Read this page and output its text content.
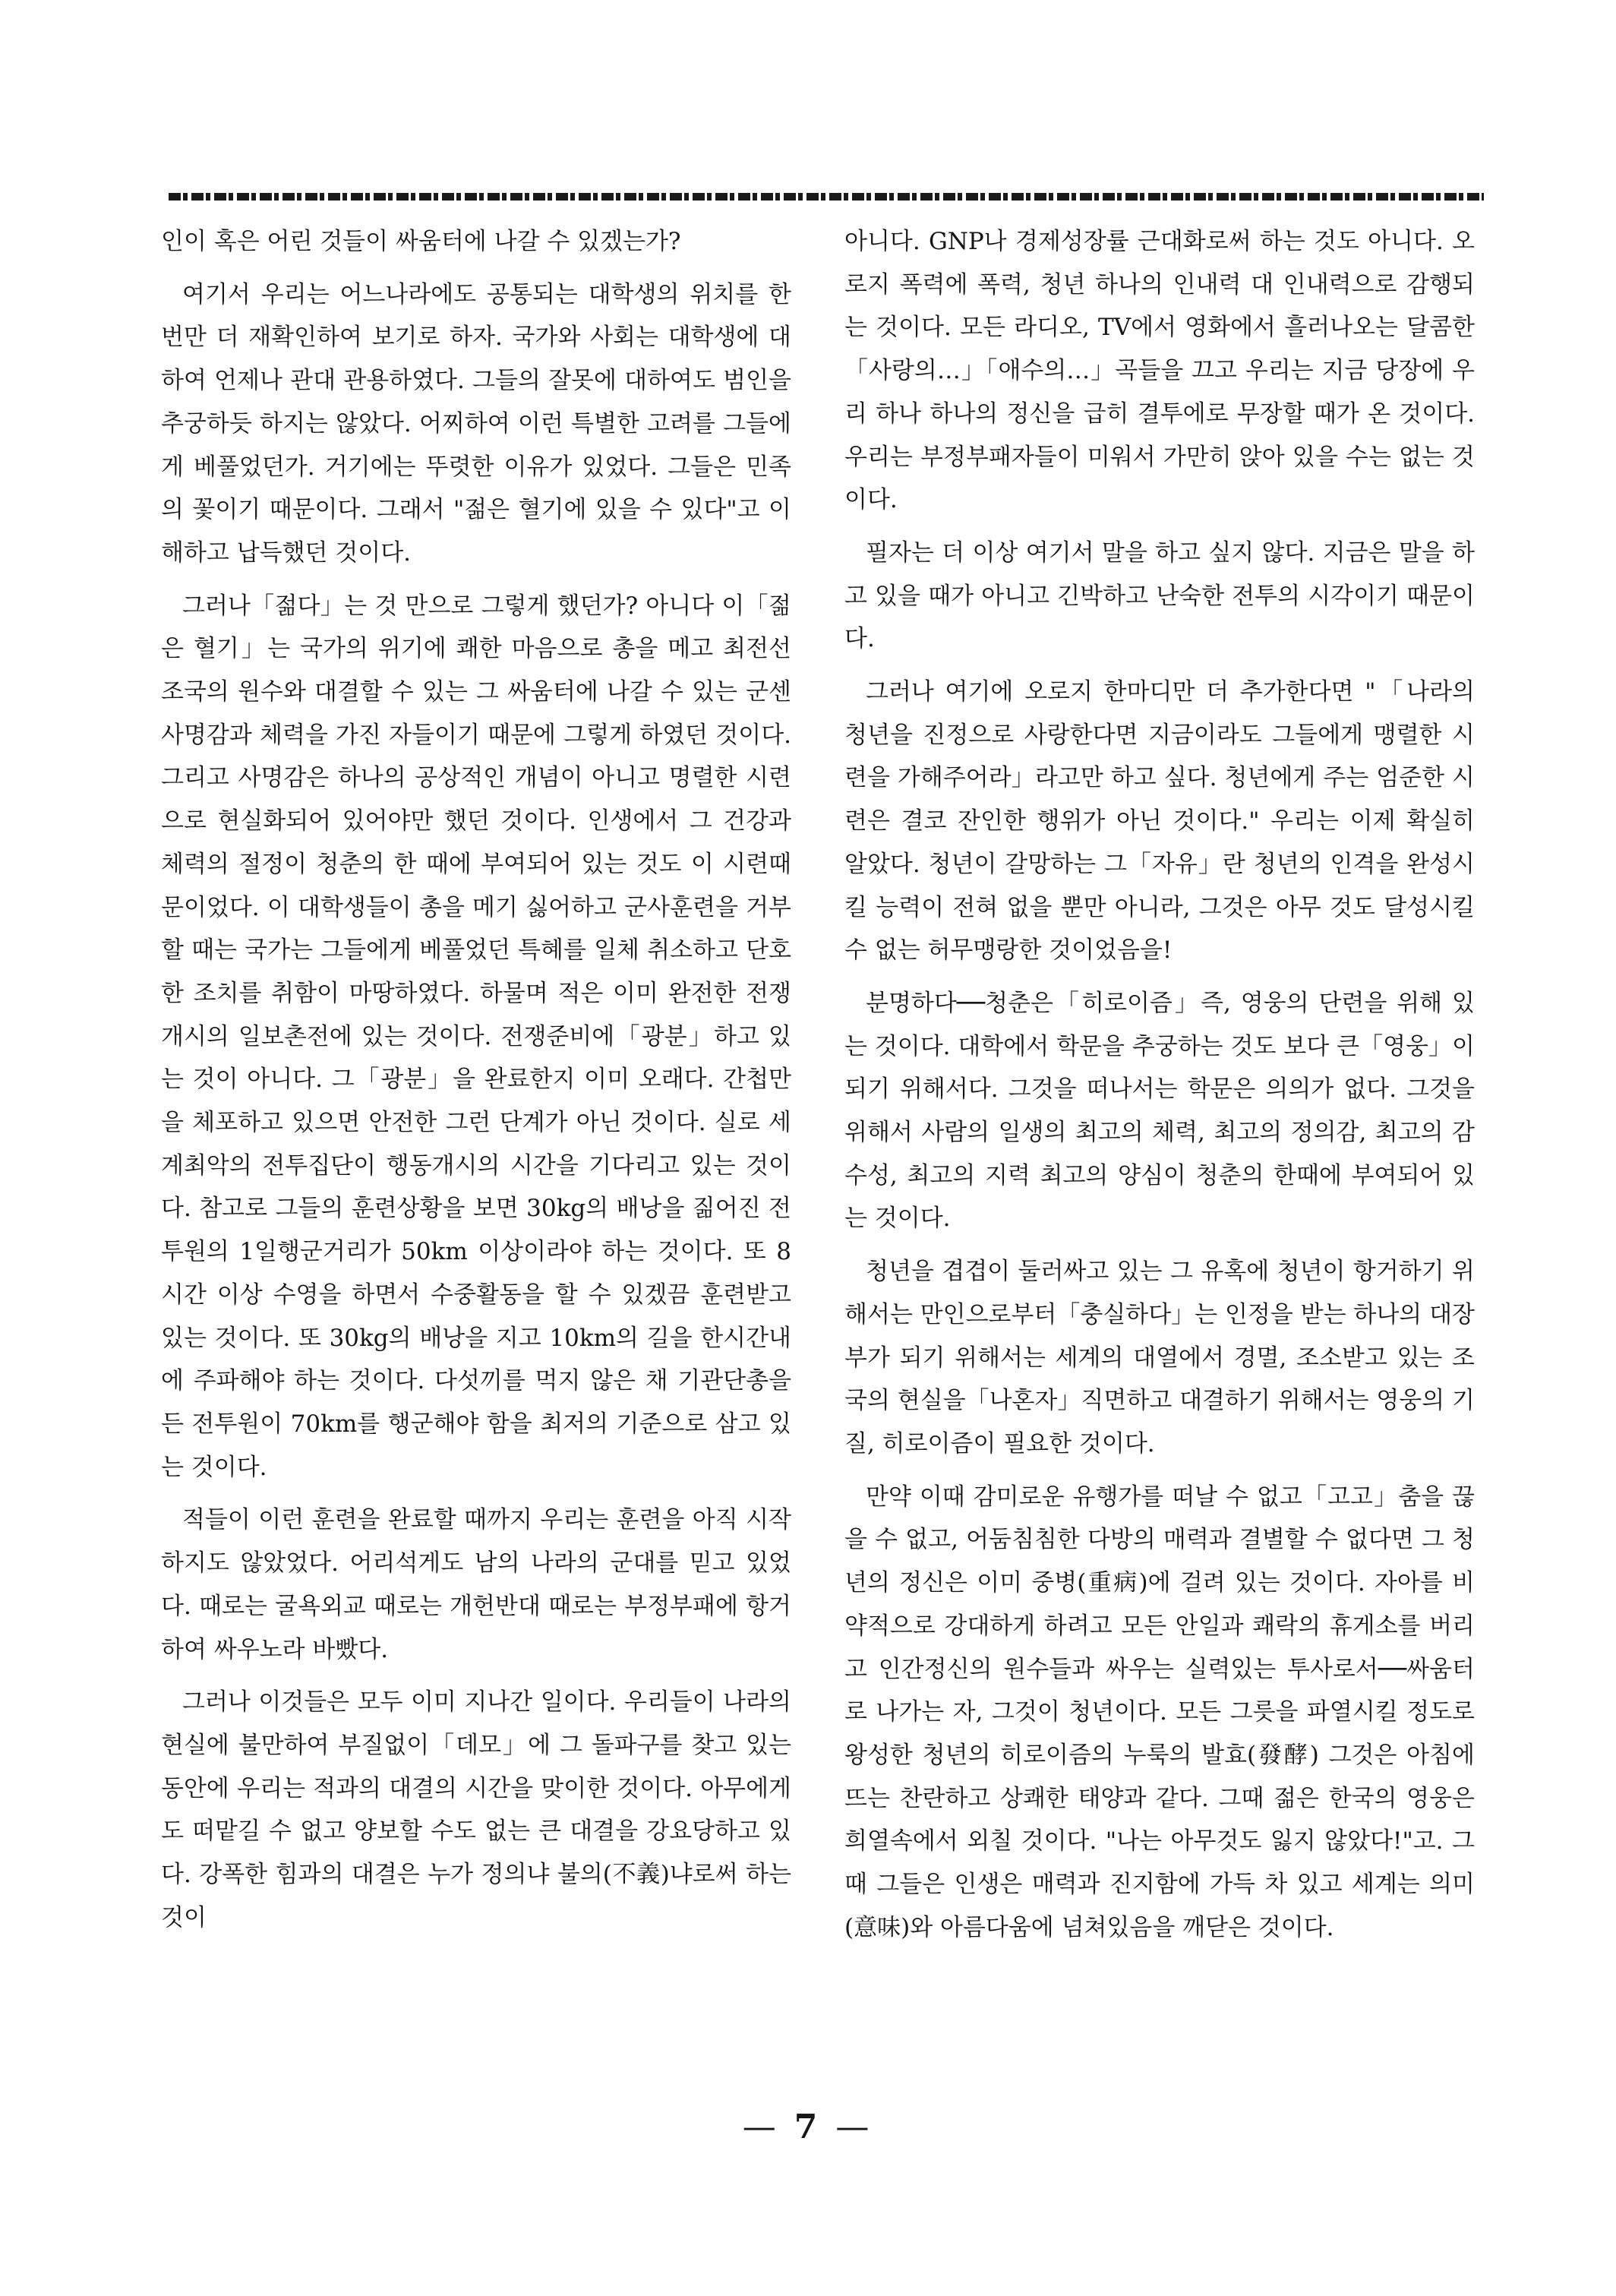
인이 혹은 어린 것들이 싸움터에 나갈 수 있겠는가?

여기서 우리는 어느나라에도 공통되는 대학생의 위치를 한번만 더 재확인하여 보기로 하자. 국가와 사회는 대학생에 대하여 언제나 관대 관용하였다. 그들의 잘못에 대하여도 범인을 추궁하듯 하지는 않았다. 어찌하여 이런 특별한 고려를 그들에게 베풀었던가. 거기에는 뚜렷한 이유가 있었다. 그들은 민족의 꽃이기 때문이다. 그래서 "젊은 혈기에 있을 수 있다"고 이해하고 납득했던 것이다.

그러나「젊다」는 것 만으로 그렇게 했던가? 아니다 이「젊은 혈기」는 국가의 위기에 쾌한 마음으로 총을 메고 최전선 조국의 원수와 대결할 수 있는 그 싸움터에 나갈 수 있는 군센 사명감과 체력을 가진 자들이기 때문에 그렇게 하였던 것이다. 그리고 사명감은 하나의 공상적인 개념이 아니고 명렬한 시련으로 현실화되어 있어야만 했던 것이다. 인생에서 그 건강과 체력의 절정이 청춘의 한 때에 부여되어 있는 것도 이 시련때문이었다. 이 대학생들이 총을 메기 싫어하고 군사훈련을 거부할 때는 국가는 그들에게 베풀었던 특혜를 일체 취소하고 단호한 조치를 취함이 마땅하였다. 하물며 적은 이미 완전한 전쟁개시의 일보촌전에 있는 것이다. 전쟁준비에「광분」하고 있는 것이 아니다. 그「광분」을 완료한지 이미 오래다. 간첩만을 체포하고 있으면 안전한 그런 단계가 아닌 것이다. 실로 세계최악의 전투집단이 행동개시의 시간을 기다리고 있는 것이다. 참고로 그들의 훈련상황을 보면 30kg의 배낭을 짊어진 전투원의 1일행군거리가 50km 이상이라야 하는 것이다. 또 8시간 이상 수영을 하면서 수중활동을 할 수 있겠끔 훈련받고 있는 것이다. 또 30kg의 배낭을 지고 10km의 길을 한시간내에 주파해야 하는 것이다. 다섯끼를 먹지 않은 채 기관단총을 든 전투원이 70km를 행군해야 함을 최저의 기준으로 삼고 있는 것이다.

적들이 이런 훈련을 완료할 때까지 우리는 훈련을 아직 시작하지도 않았었다. 어리석게도 남의 나라의 군대를 믿고 있었다. 때로는 굴욕외교 때로는 개헌반대 때로는 부정부패에 항거하여 싸우노라 바빴다.

그러나 이것들은 모두 이미 지나간 일이다. 우리들이 나라의 현실에 불만하여 부질없이「데모」에 그 돌파구를 찾고 있는 동안에 우리는 적과의 대결의 시간을 맞이한 것이다. 아무에게도 떠맡길 수 없고 양보할 수도 없는 큰 대결을 강요당하고 있다. 강폭한 힘과의 대결은 누가 정의냐 불의(不義)냐로써 하는 것이

아니다. GNP나 경제성장률 근대화로써 하는 것도 아니다. 오로지 폭력에 폭력, 청년 하나의 인내력 대 인내력으로 감행되는 것이다. 모든 라디오, TV에서 영화에서 흘러나오는 달콤한「사랑의…」「애수의…」곡들을 끄고 우리는 지금 당장에 우리 하나 하나의 정신을 급히 결투에로 무장할 때가 온 것이다. 우리는 부정부패자들이 미워서 가만히 앉아 있을 수는 없는 것이다.

필자는 더 이상 여기서 말을 하고 싶지 않다. 지금은 말을 하고 있을 때가 아니고 긴박하고 난숙한 전투의 시각이기 때문이다.

그러나 여기에 오로지 한마디만 더 추가한다면 "「나라의 청년을 진정으로 사랑한다면 지금이라도 그들에게 맹렬한 시련을 가해주어라」라고만 하고 싶다. 청년에게 주는 엄준한 시련은 결코 잔인한 행위가 아닌 것이다." 우리는 이제 확실히 알았다. 청년이 갈망하는 그「자유」란 청년의 인격을 완성시킬 능력이 전혀 없을 뿐만 아니라, 그것은 아무 것도 달성시킬 수 없는 허무맹랑한 것이었음을!

분명하다──청춘은「히로이즘」즉, 영웅의 단련을 위해 있는 것이다. 대학에서 학문을 추궁하는 것도 보다 큰「영웅」이 되기 위해서다. 그것을 떠나서는 학문은 의의가 없다. 그것을 위해서 사람의 일생의 최고의 체력, 최고의 정의감, 최고의 감수성, 최고의 지력 최고의 양심이 청춘의 한때에 부여되어 있는 것이다.

청년을 겹겹이 둘러싸고 있는 그 유혹에 청년이 항거하기 위해서는 만인으로부터「충실하다」는 인정을 받는 하나의 대장부가 되기 위해서는 세계의 대열에서 경멸, 조소받고 있는 조국의 현실을「나혼자」직면하고 대결하기 위해서는 영웅의 기질, 히로이즘이 필요한 것이다.

만약 이때 감미로운 유행가를 떠날 수 없고「고고」춤을 끊을 수 없고, 어둠침침한 다방의 매력과 결별할 수 없다면 그 청년의 정신은 이미 중병(重病)에 걸려 있는 것이다. 자아를 비약적으로 강대하게 하려고 모든 안일과 쾌락의 휴게소를 버리고 인간정신의 원수들과 싸우는 실력있는 투사로서──싸움터로 나가는 자, 그것이 청년이다. 모든 그릇을 파열시킬 정도로 왕성한 청년의 히로이즘의 누룩의 발효(發酵) 그것은 아침에 뜨는 찬란하고 상쾌한 태양과 같다. 그때 젊은 한국의 영웅은 희열속에서 외칠 것이다. "나는 아무것도 잃지 않았다!"고. 그때 그들은 인생은 매력과 진지함에 가득 차 있고 세계는 의미(意味)와 아름다움에 넘쳐있음을 깨닫은 것이다.

— 7 —
